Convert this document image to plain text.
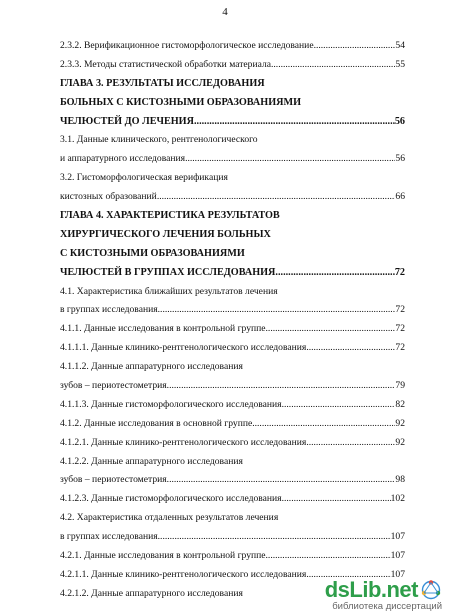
4
2.3.2. Верификационное гистоморфологическое исследование .....	54
2.3.3. Методы статистической обработки материала .....	55
ГЛАВА 3. РЕЗУЛЬТАТЫ ИССЛЕДОВАНИЯ
БОЛЬНЫХ С КИСТОЗНЫМИ ОБРАЗОВАНИЯМИ
ЧЕЛЮСТЕЙ ДО ЛЕЧЕНИЯ .....	56
3.1. Данные клинического, рентгенологического
и аппаратурного исследования .....	56
3.2. Гистоморфологическая верификация
кистозных образований .....	66
ГЛАВА 4. ХАРАКТЕРИСТИКА РЕЗУЛЬТАТОВ
ХИРУРГИЧЕСКОГО ЛЕЧЕНИЯ БОЛЬНЫХ
С КИСТОЗНЫМИ ОБРАЗОВАНИЯМИ
ЧЕЛЮСТЕЙ В ГРУППАХ ИССЛЕДОВАНИЯ .....	72
4.1. Характеристика ближайших результатов лечения
в группах исследования .....	72
4.1.1. Данные исследования в контрольной группе .....	72
4.1.1.1. Данные клинико-рентгенологического исследования .....	72
4.1.1.2. Данные аппаратурного исследования
зубов – периотестометрия .....	79
4.1.1.3. Данные гистоморфологического исследования .....	82
4.1.2. Данные исследования в основной группе .....	92
4.1.2.1. Данные клинико-рентгенологического исследования .....	92
4.1.2.2. Данные аппаратурного исследования
зубов – периотестометрия .....	98
4.1.2.3. Данные гистоморфологического исследования .....	102
4.2. Характеристика отдаленных результатов лечения
в группах исследования .....	107
4.2.1. Данные исследования в контрольной группе .....	107
4.2.1.1. Данные клинико-рентгенологического исследования .....	107
4.2.1.2. Данные аппаратурного исследования	dsLib.net
библиотека диссертаций
